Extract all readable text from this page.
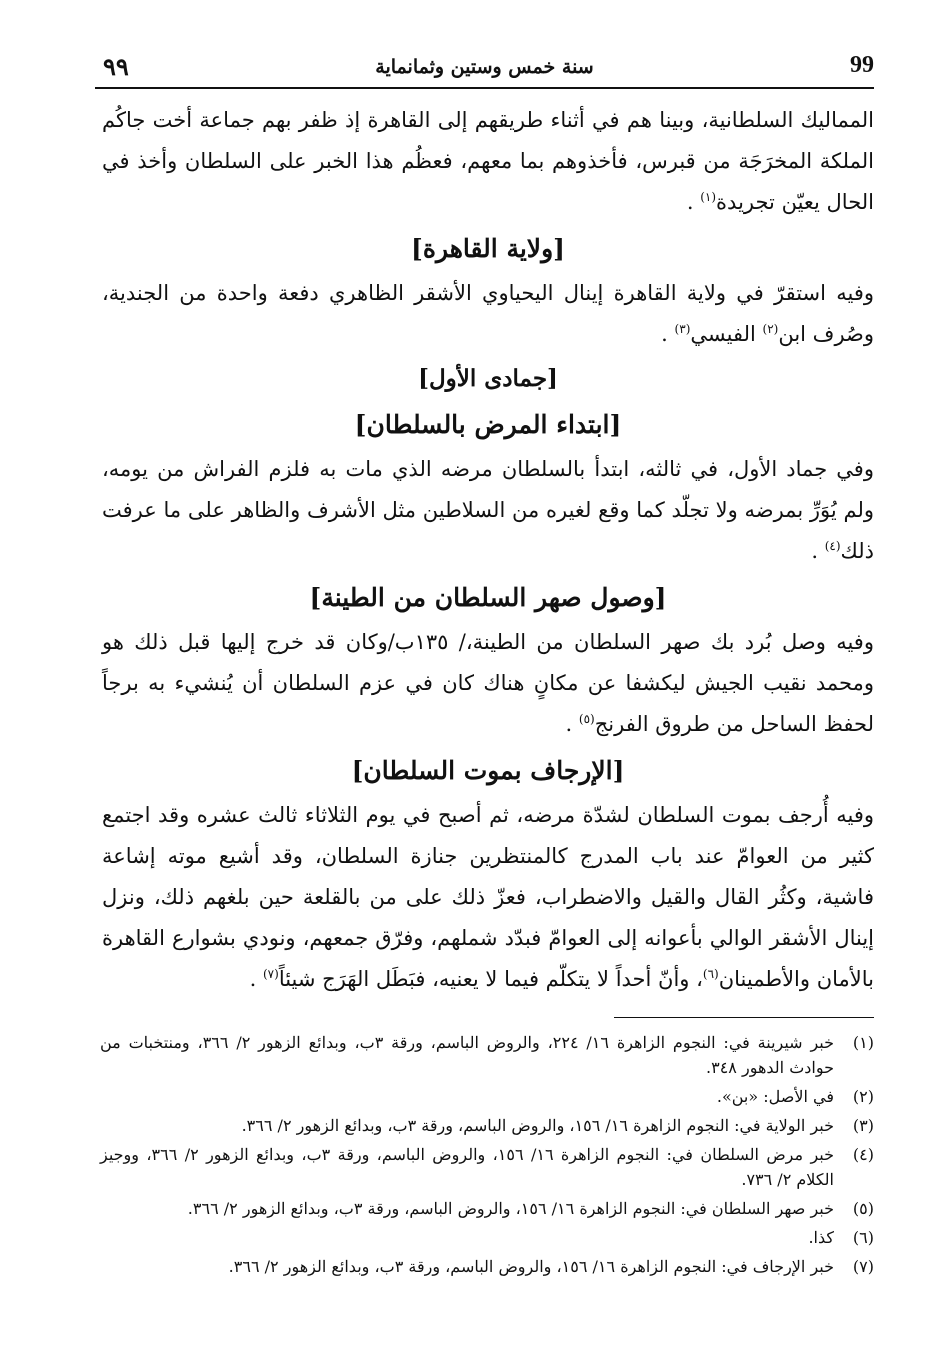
٩٩	سنة خمس وستين وثمانماية	99

المماليك السلطانية، وبينا هم في أثناء طريقهم إلى القاهرة إذ ظفر بهم جماعة أخت جاكُم الملكة المخرَجَة من قبرس، فأخذوهم بما معهم، فعظُم هذا الخبر على السلطان وأخذ في الحال يعيّن تجريدة$^{(١)}$ .

[ولاية القاهرة]

وفيه استقرّ في ولاية القاهرة إينال اليحياوي الأشقر الظاهري دفعة واحدة من الجندية، وصُرف ابن$^{(٢)}$ الفيسي$^{(٣)}$ .

[جمادى الأول]
[ابتداء المرض بالسلطان]

وفي جماد الأول، في ثالثه، ابتدأ بالسلطان مرضه الذي مات به فلزم الفراش من يومه، ولم يُوَرِّ بمرضه ولا تجلّد كما وقع لغيره من السلاطين مثل الأشرف والظاهر على ما عرفت ذلك$^{(٤)}$ .

[وصول صهر السلطان من الطينة]

وفيه وصل بُرد بك صهر السلطان من الطينة،/ ١٣٥ب/وكان قد خرج إليها قبل ذلك هو ومحمد نقيب الجيش ليكشفا عن مكانٍ هناك كان في عزم السلطان أن يُنشيء به برجاً لحفظ الساحل من طروق الفرنج$^{(٥)}$ .

[الإرجاف بموت السلطان]

وفيه أُرجف بموت السلطان لشدّة مرضه، ثم أصبح في يوم الثلاثاء ثالث عشره وقد اجتمع كثير من العوامّ عند باب المدرج كالمنتظرين جنازة السلطان، وقد أشيع موته إشاعة فاشية، وكثُر القال والقيل والاضطراب، فعزّ ذلك على من بالقلعة حين بلغهم ذلك، ونزل إينال الأشقر الوالي بأعوانه إلى العوامّ فبدّد شملهم، وفرّق جمعهم، ونودي بشوارع القاهرة بالأمان والأطمينان$^{(٦)}$، وأنّ أحداً لا يتكلّم فيما لا يعنيه، فبَطَل الهَرَج شيئاً$^{(٧)}$ .

(١)
خبر شيرينة في: النجوم الزاهرة ١٦/ ٢٢٤، والروض الباسم، ورقة ٣ب، وبدائع الزهور ٢/ ٣٦٦، ومنتخبات من حوادث الدهور ٣٤٨.
(٢)
في الأصل: «بن».
(٣)
خبر الولاية في: النجوم الزاهرة ١٦/ ١٥٦، والروض الباسم، ورقة ٣ب، وبدائع الزهور ٢/ ٣٦٦.
(٤)
خبر مرض السلطان في: النجوم الزاهرة ١٦/ ١٥٦، والروض الباسم، ورقة ٣ب، وبدائع الزهور ٢/ ٣٦٦، ووجيز الكلام ٢/ ٧٣٦.
(٥)
خبر صهر السلطان في: النجوم الزاهرة ١٦/ ١٥٦، والروض الباسم، ورقة ٣ب، وبدائع الزهور ٢/ ٣٦٦.
(٦)
كذا.
(٧)
خبر الإرجاف في: النجوم الزاهرة ١٦/ ١٥٦، والروض الباسم، ورقة ٣ب، وبدائع الزهور ٢/ ٣٦٦.
